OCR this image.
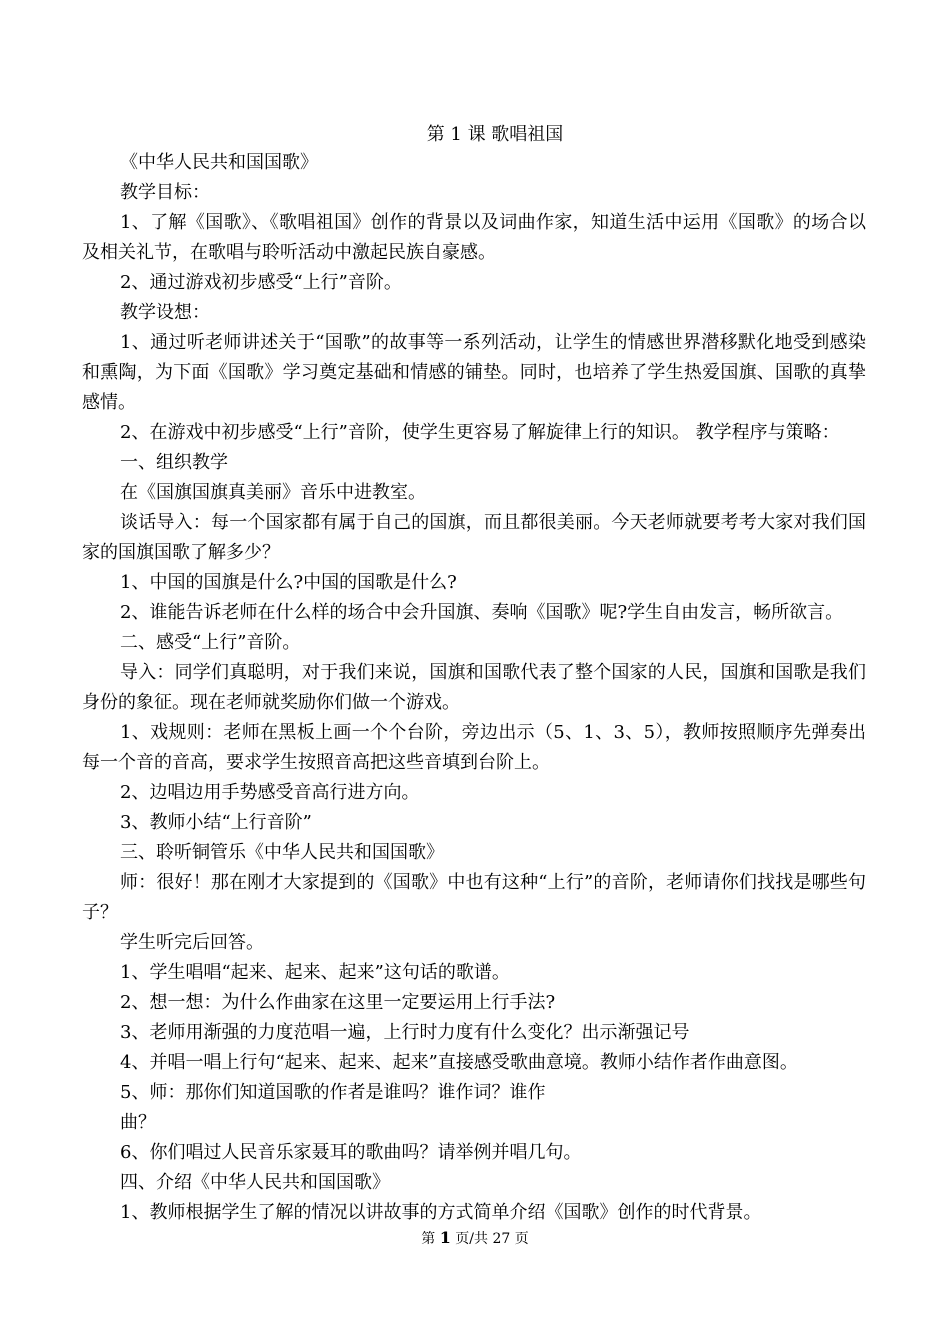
第 1 课 歌唱祖国

《中华人民共和国国歌》

教学目标：

1、了解《国歌》、《歌唱祖国》创作的背景以及词曲作家，知道生活中运用《国歌》的场合以及相关礼节，在歌唱与聆听活动中激起民族自豪感。

2、通过游戏初步感受“上行”音阶。

教学设想：

1、通过听老师讲述关于“国歌”的故事等一系列活动，让学生的情感世界潜移默化地受到感染和熏陶，为下面《国歌》学习奠定基础和情感的铺垫。同时，也培养了学生热爱国旗、国歌的真挚感情。

2、在游戏中初步感受“上行”音阶，使学生更容易了解旋律上行的知识。 教学程序与策略：

一、组织教学

在《国旗国旗真美丽》音乐中进教室。

谈话导入：每一个国家都有属于自己的国旗，而且都很美丽。今天老师就要考考大家对我们国家的国旗国歌了解多少？

1、中国的国旗是什么?中国的国歌是什么?

2、谁能告诉老师在什么样的场合中会升国旗、奏响《国歌》呢?学生自由发言，畅所欲言。

二、感受“上行”音阶。

导入：同学们真聪明，对于我们来说，国旗和国歌代表了整个国家的人民，国旗和国歌是我们身份的象征。现在老师就奖励你们做一个游戏。

1、戏规则：老师在黑板上画一个个台阶，旁边出示（5、1、3、5），教师按照顺序先弹奏出每一个音的音高，要求学生按照音高把这些音填到台阶上。

2、边唱边用手势感受音高行进方向。

3、教师小结“上行音阶”

三、聆听铜管乐《中华人民共和国国歌》

师：很好！那在刚才大家提到的《国歌》中也有这种“上行”的音阶，老师请你们找找是哪些句子？

学生听完后回答。

1、学生唱唱“起来、起来、起来”这句话的歌谱。

2、想一想：为什么作曲家在这里一定要运用上行手法?

3、老师用渐强的力度范唱一遍，上行时力度有什么变化？出示渐强记号

4、并唱一唱上行句“起来、起来、起来”直接感受歌曲意境。教师小结作者作曲意图。

5、师：那你们知道国歌的作者是谁吗？谁作词？谁作

曲？

6、你们唱过人民音乐家聂耳的歌曲吗？请举例并唱几句。

四、介绍《中华人民共和国国歌》

1、教师根据学生了解的情况以讲故事的方式简单介绍《国歌》创作的时代背景。

第 1 页/共 27 页
